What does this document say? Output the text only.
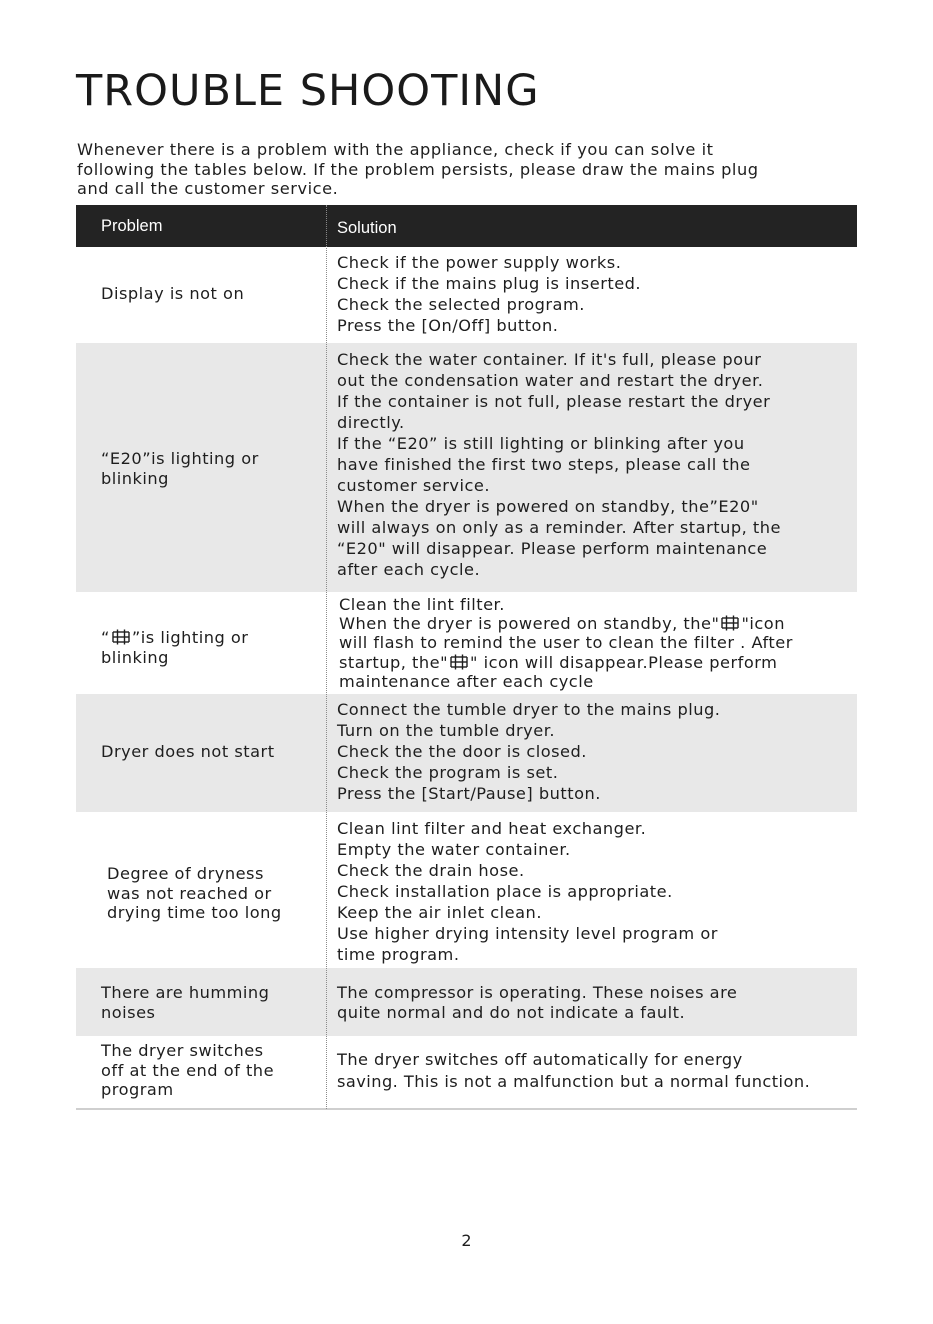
TROUBLE SHOOTING
Whenever there is a problem with the appliance, check if you can solve it
following the tables below. If the problem persists, please draw the mains plug
and call the customer service.
Problem	Solution
Display is not on
Check if the power supply works.
Check if the mains plug is inserted.
Check the selected program.
Press the [On/Off] button.
“E20”is lighting or
blinking
Check the water container. If it's full, please pour
out the condensation water and restart the dryer.
If the container is not full, please restart the dryer
directly.
If the “E20” is still lighting or blinking after you
have finished the first two steps, please call the
customer service.
When the dryer is powered on standby, the”E20"
will always on only as a reminder. After startup, the
“E20" will disappear. Please perform maintenance
after each cycle.
“ ”is lighting or
blinking
Clean the lint filter.
When the dryer is powered on standby, the" "icon
will flash to remind the user to clean the filter . After
startup, the" " icon will disappear.Please perform
maintenance after each cycle
Dryer does not start
Connect the tumble dryer to the mains plug.
Turn on the tumble dryer.
Check the the door is closed.
Check the program is set.
Press the [Start/Pause] button.
Degree of dryness
was not reached or
drying time too long
Clean lint filter and heat exchanger.
Empty the water container.
Check the drain hose.
Check installation place is appropriate.
Keep the air inlet clean.
Use higher drying intensity level program or
time program.
There are humming
noises
The compressor is operating. These noises are
quite normal and do not indicate a fault.
The dryer switches
off at the end of the
program
The dryer switches off automatically for energy
saving. This is not a malfunction but a normal function.
2
